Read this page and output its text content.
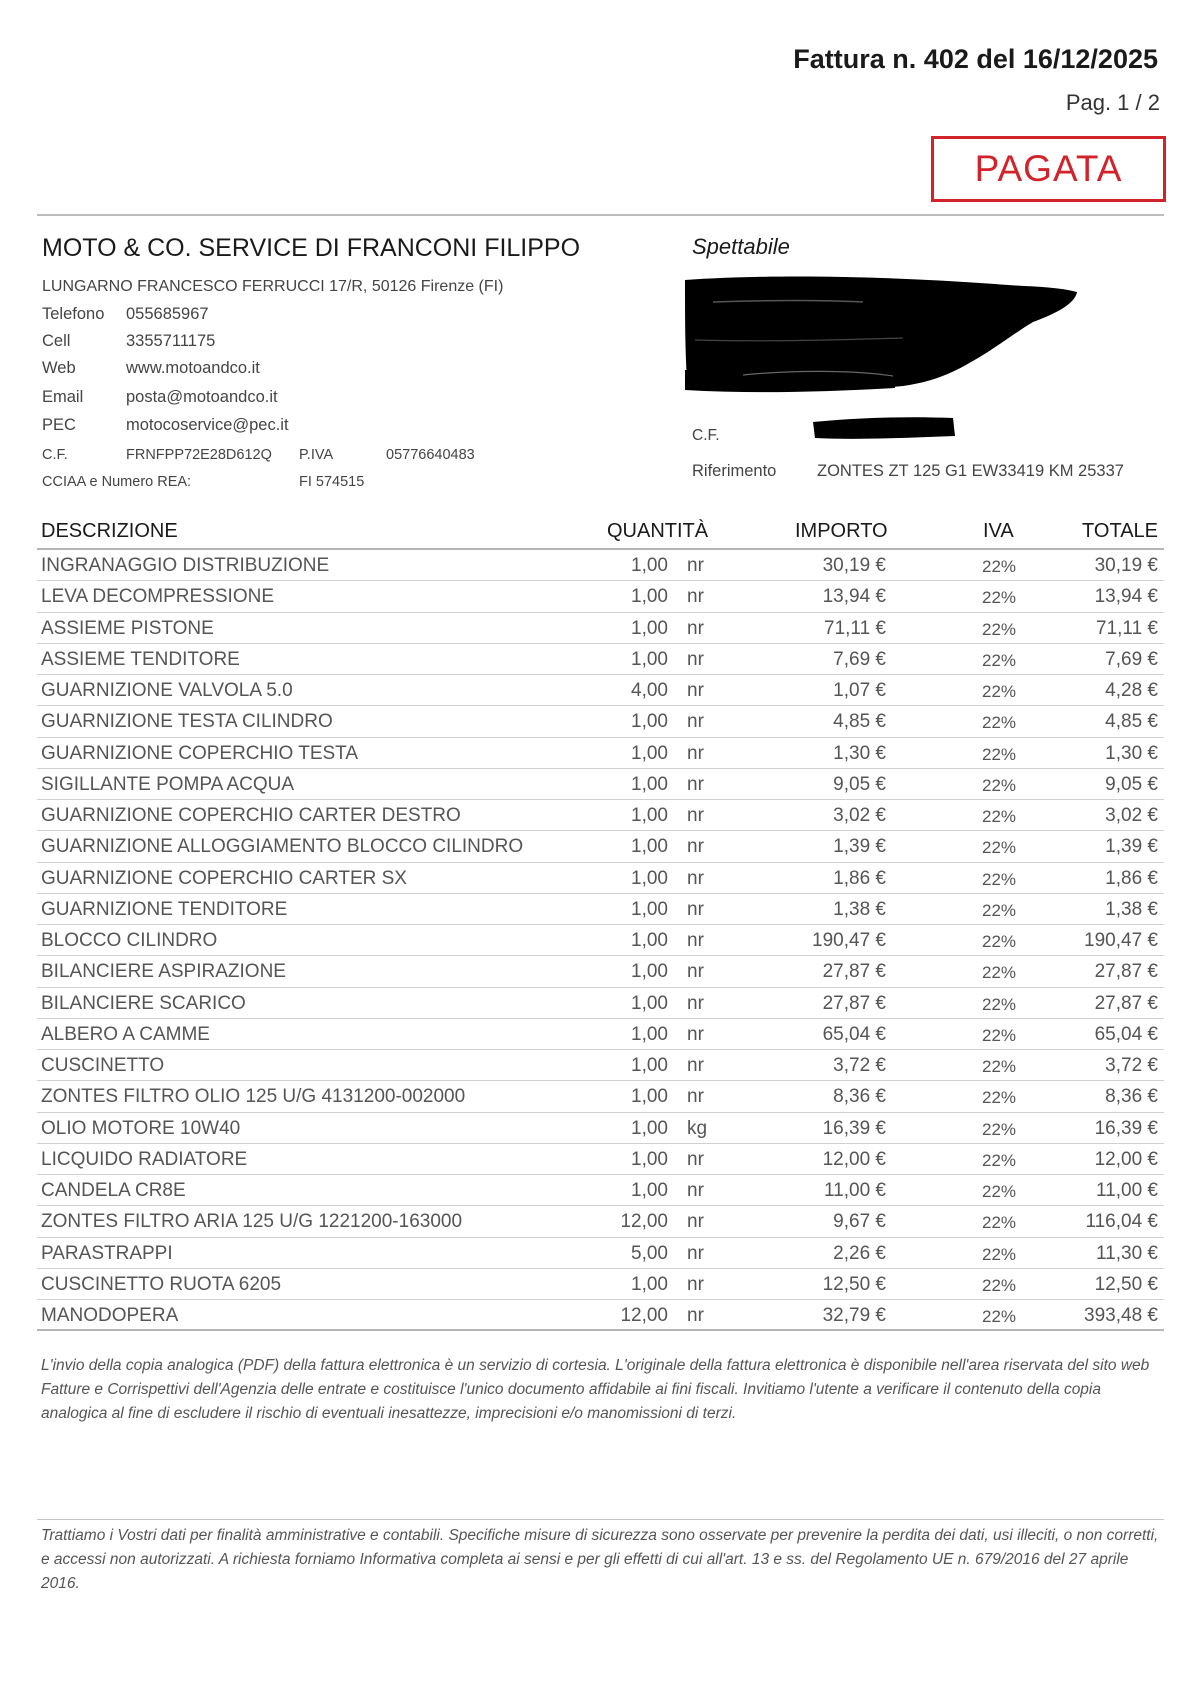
Fattura n. 402 del 16/12/2025
Pag. 1 / 2
PAGATA
MOTO & CO. SERVICE DI FRANCONI FILIPPO
LUNGARNO FRANCESCO FERRUCCI 17/R, 50126 Firenze (FI)
Telefono 055685967
Cell	3355711175
Web	www.motoandco.it
Email	posta@motoandco.it
PEC	motocoservice@pec.it
C.F.	FRNFPP72E28D612Q P.IVA	05776640483
CCIAA e Numero REA:	FI 574515
Spettabile
C.F.
Riferimento ZONTES ZT 125 G1 EW33419 KM 25337
DESCRIZIONE	QUANTITÀ	IMPORTO	IVA	TOTALE
INGRANAGGIO DISTRIBUZIONE	1,00 nr	30,19 €	22%	30,19 €
LEVA DECOMPRESSIONE	1,00 nr	13,94 €	22%	13,94 €
ASSIEME PISTONE	1,00 nr	71,11 €	22%	71,11 €
ASSIEME TENDITORE	1,00 nr	7,69 €	22%	7,69 €
GUARNIZIONE VALVOLA 5.0	4,00 nr	1,07 €	22%	4,28 €
GUARNIZIONE TESTA CILINDRO	1,00 nr	4,85 €	22%	4,85 €
GUARNIZIONE COPERCHIO TESTA	1,00 nr	1,30 €	22%	1,30 €
SIGILLANTE POMPA ACQUA	1,00 nr	9,05 €	22%	9,05 €
GUARNIZIONE COPERCHIO CARTER DESTRO	1,00 nr	3,02 €	22%	3,02 €
GUARNIZIONE ALLOGGIAMENTO BLOCCO CILINDRO	1,00 nr	1,39 €	22%	1,39 €
GUARNIZIONE COPERCHIO CARTER SX	1,00 nr	1,86 €	22%	1,86 €
GUARNIZIONE TENDITORE	1,00 nr	1,38 €	22%	1,38 €
BLOCCO CILINDRO	1,00 nr	190,47 €	22%	190,47 €
BILANCIERE ASPIRAZIONE	1,00 nr	27,87 €	22%	27,87 €
BILANCIERE SCARICO	1,00 nr	27,87 €	22%	27,87 €
ALBERO A CAMME	1,00 nr	65,04 €	22%	65,04 €
CUSCINETTO	1,00 nr	3,72 €	22%	3,72 €
ZONTES FILTRO OLIO 125 U/G 4131200-002000	1,00 nr	8,36 €	22%	8,36 €
OLIO MOTORE 10W40	1,00 kg	16,39 €	22%	16,39 €
LICQUIDO RADIATORE	1,00 nr	12,00 €	22%	12,00 €
CANDELA CR8E	1,00 nr	11,00 €	22%	11,00 €
ZONTES FILTRO ARIA 125 U/G 1221200-163000	12,00 nr	9,67 €	22%	116,04 €
PARASTRAPPI	5,00 nr	2,26 €	22%	11,30 €
CUSCINETTO RUOTA 6205	1,00 nr	12,50 €	22%	12,50 €
MANODOPERA	12,00 nr	32,79 €	22%	393,48 €
L'invio della copia analogica (PDF) della fattura elettronica è un servizio di cortesia. L'originale della fattura elettronica è disponibile nell'area riservata del sito web Fatture e Corrispettivi dell'Agenzia delle entrate e costituisce l'unico documento affidabile ai fini fiscali. Invitiamo l'utente a verificare il contenuto della copia analogica al fine di escludere il rischio di eventuali inesattezze, imprecisioni e/o manomissioni di terzi.
Trattiamo i Vostri dati per finalità amministrative e contabili. Specifiche misure di sicurezza sono osservate per prevenire la perdita dei dati, usi illeciti, o non corretti, e accessi non autorizzati. A richiesta forniamo Informativa completa ai sensi e per gli effetti di cui all'art. 13 e ss. del Regolamento UE n. 679/2016 del 27 aprile 2016.
